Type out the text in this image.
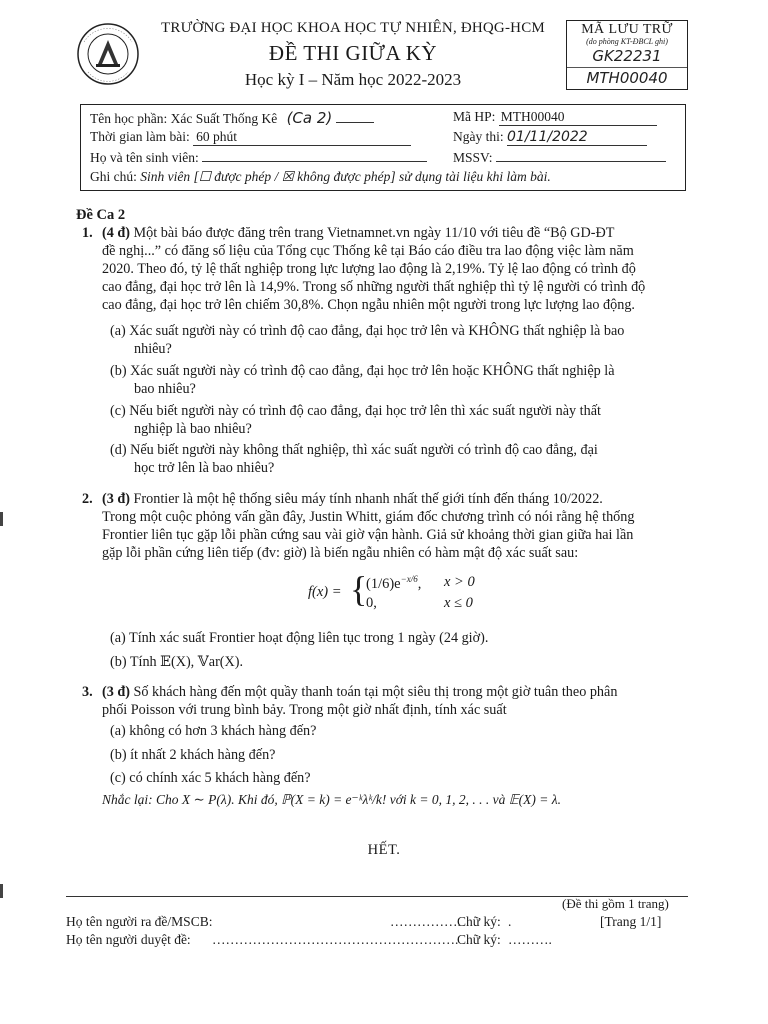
TRƯỜNG ĐẠI HỌC KHOA HỌC TỰ NHIÊN, ĐHQG-HCM
ĐỀ THI GIỮA KỲ
Học kỳ I – Năm học 2022-2023
MÃ LƯU TRỮ
(do phòng KT-ĐBCL ghi)
GK22231
MTH00040
Tên học phần: Xác Suất Thống Kê (Ca 2)	Mã HP: MTH00040
Thời gian làm bài: 60 phút	Ngày thi: 01/11/2022
Họ và tên sinh viên:	MSSV:
Ghi chú: Sinh viên [☐ được phép / ☒ không được phép] sử dụng tài liệu khi làm bài.
Đề Ca 2
1. (4 đ) Một bài báo được đăng trên trang Vietnamnet.vn ngày 11/10 với tiêu đề “Bộ GD-ĐT
đề nghị...” có đăng số liệu của Tổng cục Thống kê tại Báo cáo điều tra lao động việc làm năm
2020. Theo đó, tỷ lệ thất nghiệp trong lực lượng lao động là 2,19%. Tỷ lệ lao động có trình độ
cao đẳng, đại học trở lên là 14,9%. Trong số những người thất nghiệp thì tỷ lệ người có trình độ
cao đẳng, đại học trở lên chiếm 30,8%. Chọn ngẫu nhiên một người trong lực lượng lao động.
(a) Xác suất người này có trình độ cao đẳng, đại học trở lên và KHÔNG thất nghiệp là bao
nhiêu?
(b) Xác suất người này có trình độ cao đẳng, đại học trở lên hoặc KHÔNG thất nghiệp là
bao nhiêu?
(c) Nếu biết người này có trình độ cao đẳng, đại học trở lên thì xác suất người này thất
nghiệp là bao nhiêu?
(d) Nếu biết người này không thất nghiệp, thì xác suất người có trình độ cao đẳng, đại
học trở lên là bao nhiêu?
2. (3 đ) Frontier là một hệ thống siêu máy tính nhanh nhất thế giới tính đến tháng 10/2022.
Trong một cuộc phỏng vấn gần đây, Justin Whitt, giám đốc chương trình có nói rằng hệ thống
Frontier liên tục gặp lỗi phần cứng sau vài giờ vận hành. Giả sử khoảng thời gian giữa hai lần
gặp lỗi phần cứng liên tiếp (đv: giờ) là biến ngẫu nhiên có hàm mật độ xác suất sau:
f(x) = {
$(1/6)e^{-x/6}$, x > 0
0,	x ≤ 0
(a) Tính xác suất Frontier hoạt động liên tục trong 1 ngày (24 giờ).
(b) Tính 𝔼(X), 𝕍ar(X).
3. (3 đ) Số khách hàng đến một quầy thanh toán tại một siêu thị trong một giờ tuân theo phân
phối Poisson với trung bình bảy. Trong một giờ nhất định, tính xác suất
(a) không có hơn 3 khách hàng đến?
(b) ít nhất 2 khách hàng đến?
(c) có chính xác 5 khách hàng đến?
Nhắc lại: Cho X ∼ P(λ). Khi đó, ℙ(X = k) = e⁻ᵏλᵏ/k! với k = 0, 1, 2, . . . và 𝔼(X) = λ.
HẾT.
(Đề thi gồm 1 trang)
Họ tên người ra đề/MSCB:	…………….
Chữ ký: .	[Trang 1/1]
Họ tên người duyệt đề: ……………………………………………….
Chữ ký: ……….
